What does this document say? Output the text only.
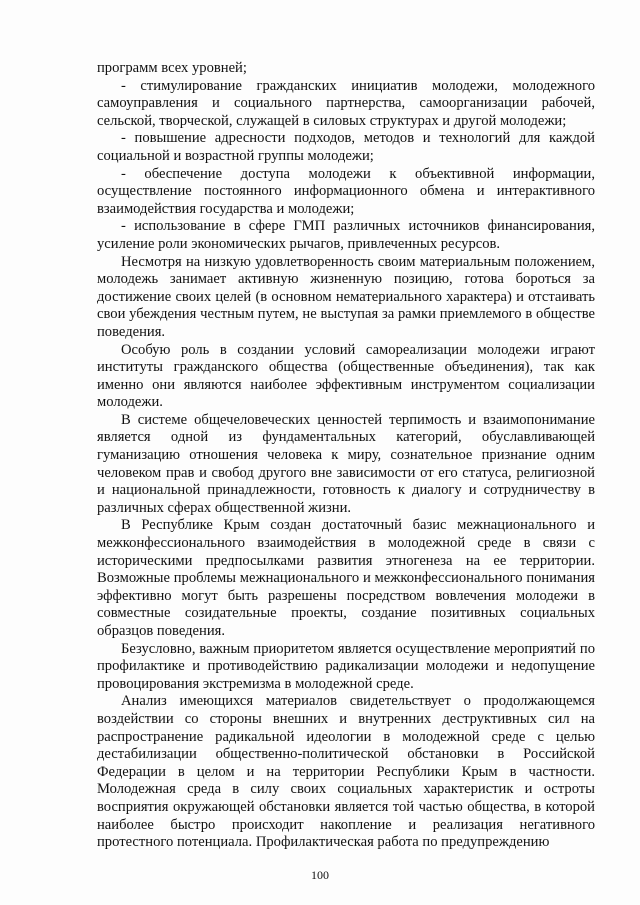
программ всех уровней;

- стимулирование гражданских инициатив молодежи, молодежного самоуправления и социального партнерства, самоорганизации рабочей, сельской, творческой, служащей в силовых структурах и другой молодежи;

- повышение адресности подходов, методов и технологий для каждой социальной и возрастной группы молодежи;

- обеспечение доступа молодежи к объективной информации, осуществление постоянного информационного обмена и интерактивного взаимодействия государства и молодежи;

- использование в сфере ГМП различных источников финансирования, усиление роли экономических рычагов, привлеченных ресурсов.

Несмотря на низкую удовлетворенность своим материальным положением, молодежь занимает активную жизненную позицию, готова бороться за достижение своих целей (в основном нематериального характера) и отстаивать свои убеждения честным путем, не выступая за рамки приемлемого в обществе поведения.

Особую роль в создании условий самореализации молодежи играют институты гражданского общества (общественные объединения), так как именно они являются наиболее эффективным инструментом социализации молодежи.

В системе общечеловеческих ценностей терпимость и взаимопонимание является одной из фундаментальных категорий, обуславливающей гуманизацию отношения человека к миру, сознательное признание одним человеком прав и свобод другого вне зависимости от его статуса, религиозной и национальной принадлежности, готовность к диалогу и сотрудничеству в различных сферах общественной жизни.

В Республике Крым создан достаточный базис межнационального и межконфессионального взаимодействия в молодежной среде в связи с историческими предпосылками развития этногенеза на ее территории. Возможные проблемы межнационального и межконфессионального понимания эффективно могут быть разрешены посредством вовлечения молодежи в совместные созидательные проекты, создание позитивных социальных образцов поведения.

Безусловно, важным приоритетом является осуществление мероприятий по профилактике и противодействию радикализации молодежи и недопущение провоцирования экстремизма в молодежной среде.

Анализ имеющихся материалов свидетельствует о продолжающемся воздействии со стороны внешних и внутренних деструктивных сил на распространение радикальной идеологии в молодежной среде с целью дестабилизации общественно-политической обстановки в Российской Федерации в целом и на территории Республики Крым в частности. Молодежная среда в силу своих социальных характеристик и остроты восприятия окружающей обстановки является той частью общества, в которой наиболее быстро происходит накопление и реализация негативного протестного потенциала. Профилактическая работа по предупреждению

100
